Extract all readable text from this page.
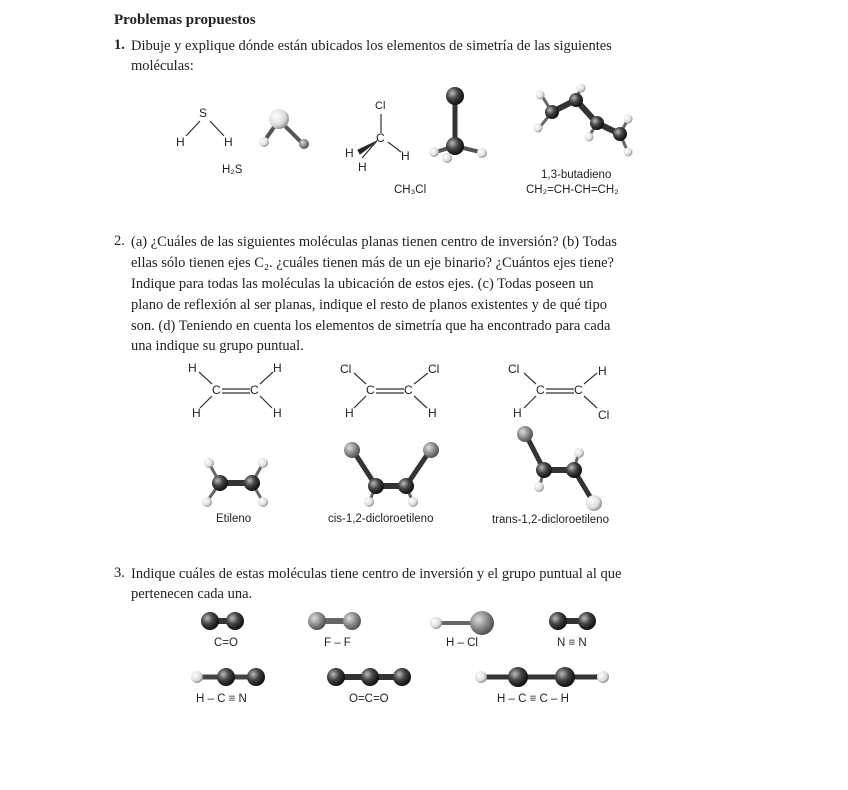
Problemas propuestos
1. Dibuje y explique dónde están ubicados los elementos de simetría de las siguientes
moléculas:
2. (a) ¿Cuáles de las siguientes moléculas planas tienen centro de inversión? (b) Todas
ellas sólo tienen ejes C₂. ¿cuáles tienen más de un eje binario? ¿Cuántos ejes tiene?
Indique para todas las moléculas la ubicación de estos ejes. (c) Todas poseen un
plano de reflexión al ser planas, indique el resto de planos existentes y de qué tipo
son. (d) Teniendo en cuenta los elementos de simetría que ha encontrado para cada
una indique su grupo puntual.
3. Indique cuáles de estas moléculas tiene centro de inversión y el grupo puntual al que
pertenecen cada una.
S
H	H
Cl
C
H	H
H
H	H
C C
H	H
Cl	Cl
C C
H	H
Cl	H
C C
H	Cl
H₂S
CH₃Cl
1,3-butadieno
CH₂=CH-CH=CH₂
Etileno	cis-1,2-dicloroetileno	trans-1,2-dicloroetileno
C=O	F – F	H – Cl	N ≡ N
H – C ≡ N	O=C=O	H – C ≡ C – H
